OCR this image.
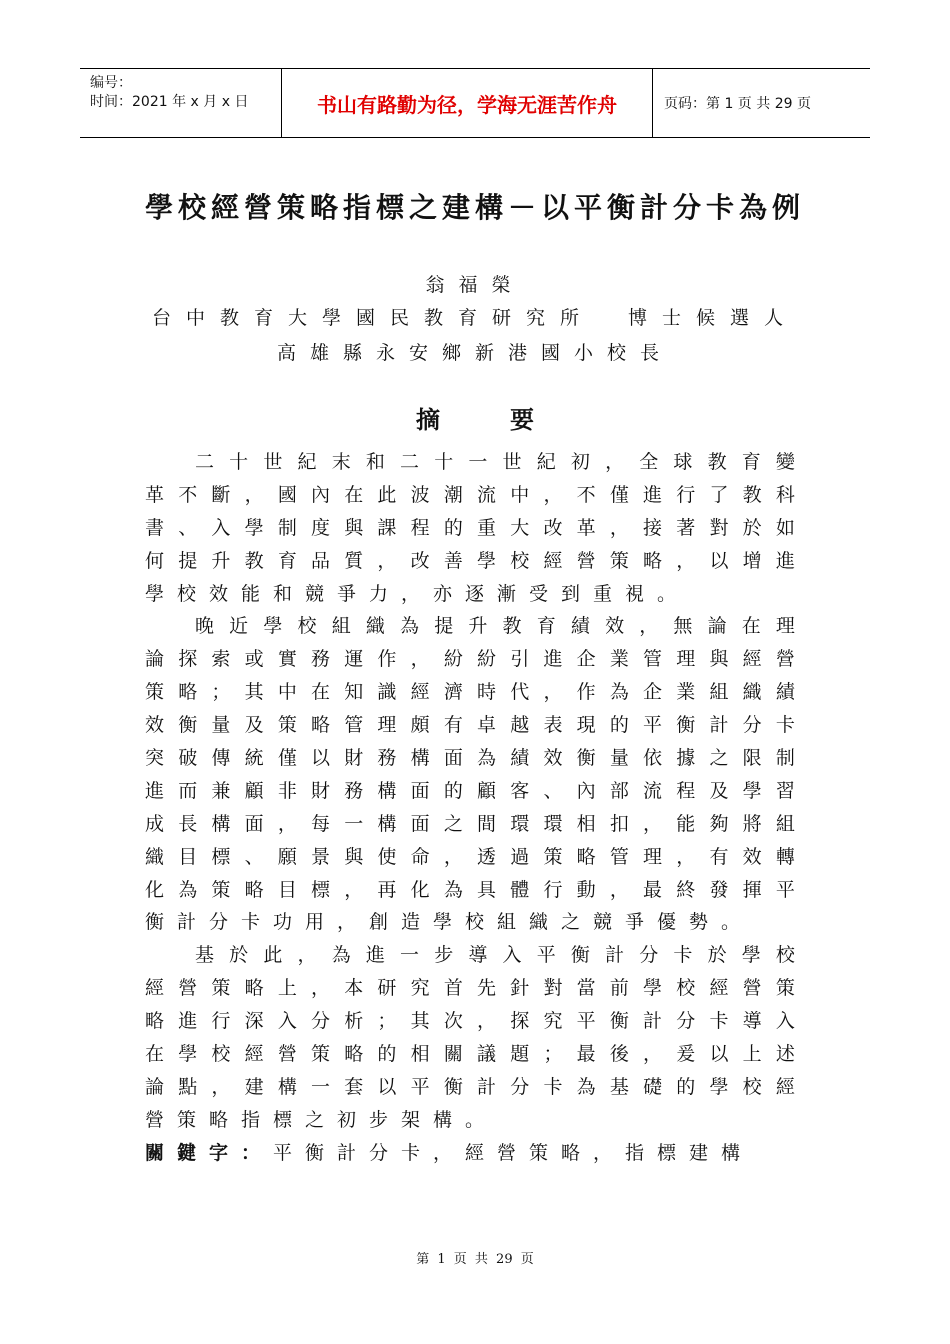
编号：
时间：2021 年 x 月 x 日	书山有路勤为径，学海无涯苦作舟	页码：第 1 页 共 29 页
學校經營策略指標之建構－以平衡計分卡為例
翁福榮
台中教育大學國民教育研究所　博士候選人
高雄縣永安鄉新港國小校長
摘	要
二 十 世 紀 末 和 二 十 一 世 紀 初 ， 全 球 教 育 變
革 不 斷 ， 國 內 在 此 波 潮 流 中 ， 不 僅 進 行 了 教 科
書 、 入 學 制 度 與 課 程 的 重 大 改 革 ， 接 著 對 於 如
何 提 升 教 育 品 質 ， 改 善 學 校 經 營 策 略 ， 以 增 進
學校效能和競爭力，亦逐漸受到重視。
晚 近 學 校 組 織 為 提 升 教 育 績 效 ， 無 論 在 理
論 探 索 或 實 務 運 作 ， 紛 紛 引 進 企 業 管 理 與 經 營
策 略 ； 其 中 在 知 識 經 濟 時 代 ， 作 為 企 業 組 織 績
效 衡 量 及 策 略 管 理 頗 有 卓 越 表 現 的 平 衡 計 分 卡
突 破 傳 統 僅 以 財 務 構 面 為 績 效 衡 量 依 據 之 限 制
進 而 兼 顧 非 財 務 構 面 的 顧 客 、 內 部 流 程 及 學 習
成 長 構 面 ， 每 一 構 面 之 間 環 環 相 扣 ， 能 夠 將 組
織 目 標 、 願 景 與 使 命 ， 透 過 策 略 管 理 ， 有 效 轉
化 為 策 略 目 標 ， 再 化 為 具 體 行 動 ， 最 終 發 揮 平
衡計分卡功用，創造學校組織之競爭優勢。
基 於 此 ， 為 進 一 步 導 入 平 衡 計 分 卡 於 學 校
經 營 策 略 上 ， 本 研 究 首 先 針 對 當 前 學 校 經 營 策
略 進 行 深 入 分 析 ； 其 次 ， 探 究 平 衡 計 分 卡 導 入
在 學 校 經 營 策 略 的 相 關 議 題 ； 最 後 ， 爰 以 上 述
論 點 ， 建 構 一 套 以 平 衡 計 分 卡 為 基 礎 的 學 校 經
營策略指標之初步架構。
關鍵字： 平衡計分卡，經營策略，指標建構
第 1 页 共 29 页
